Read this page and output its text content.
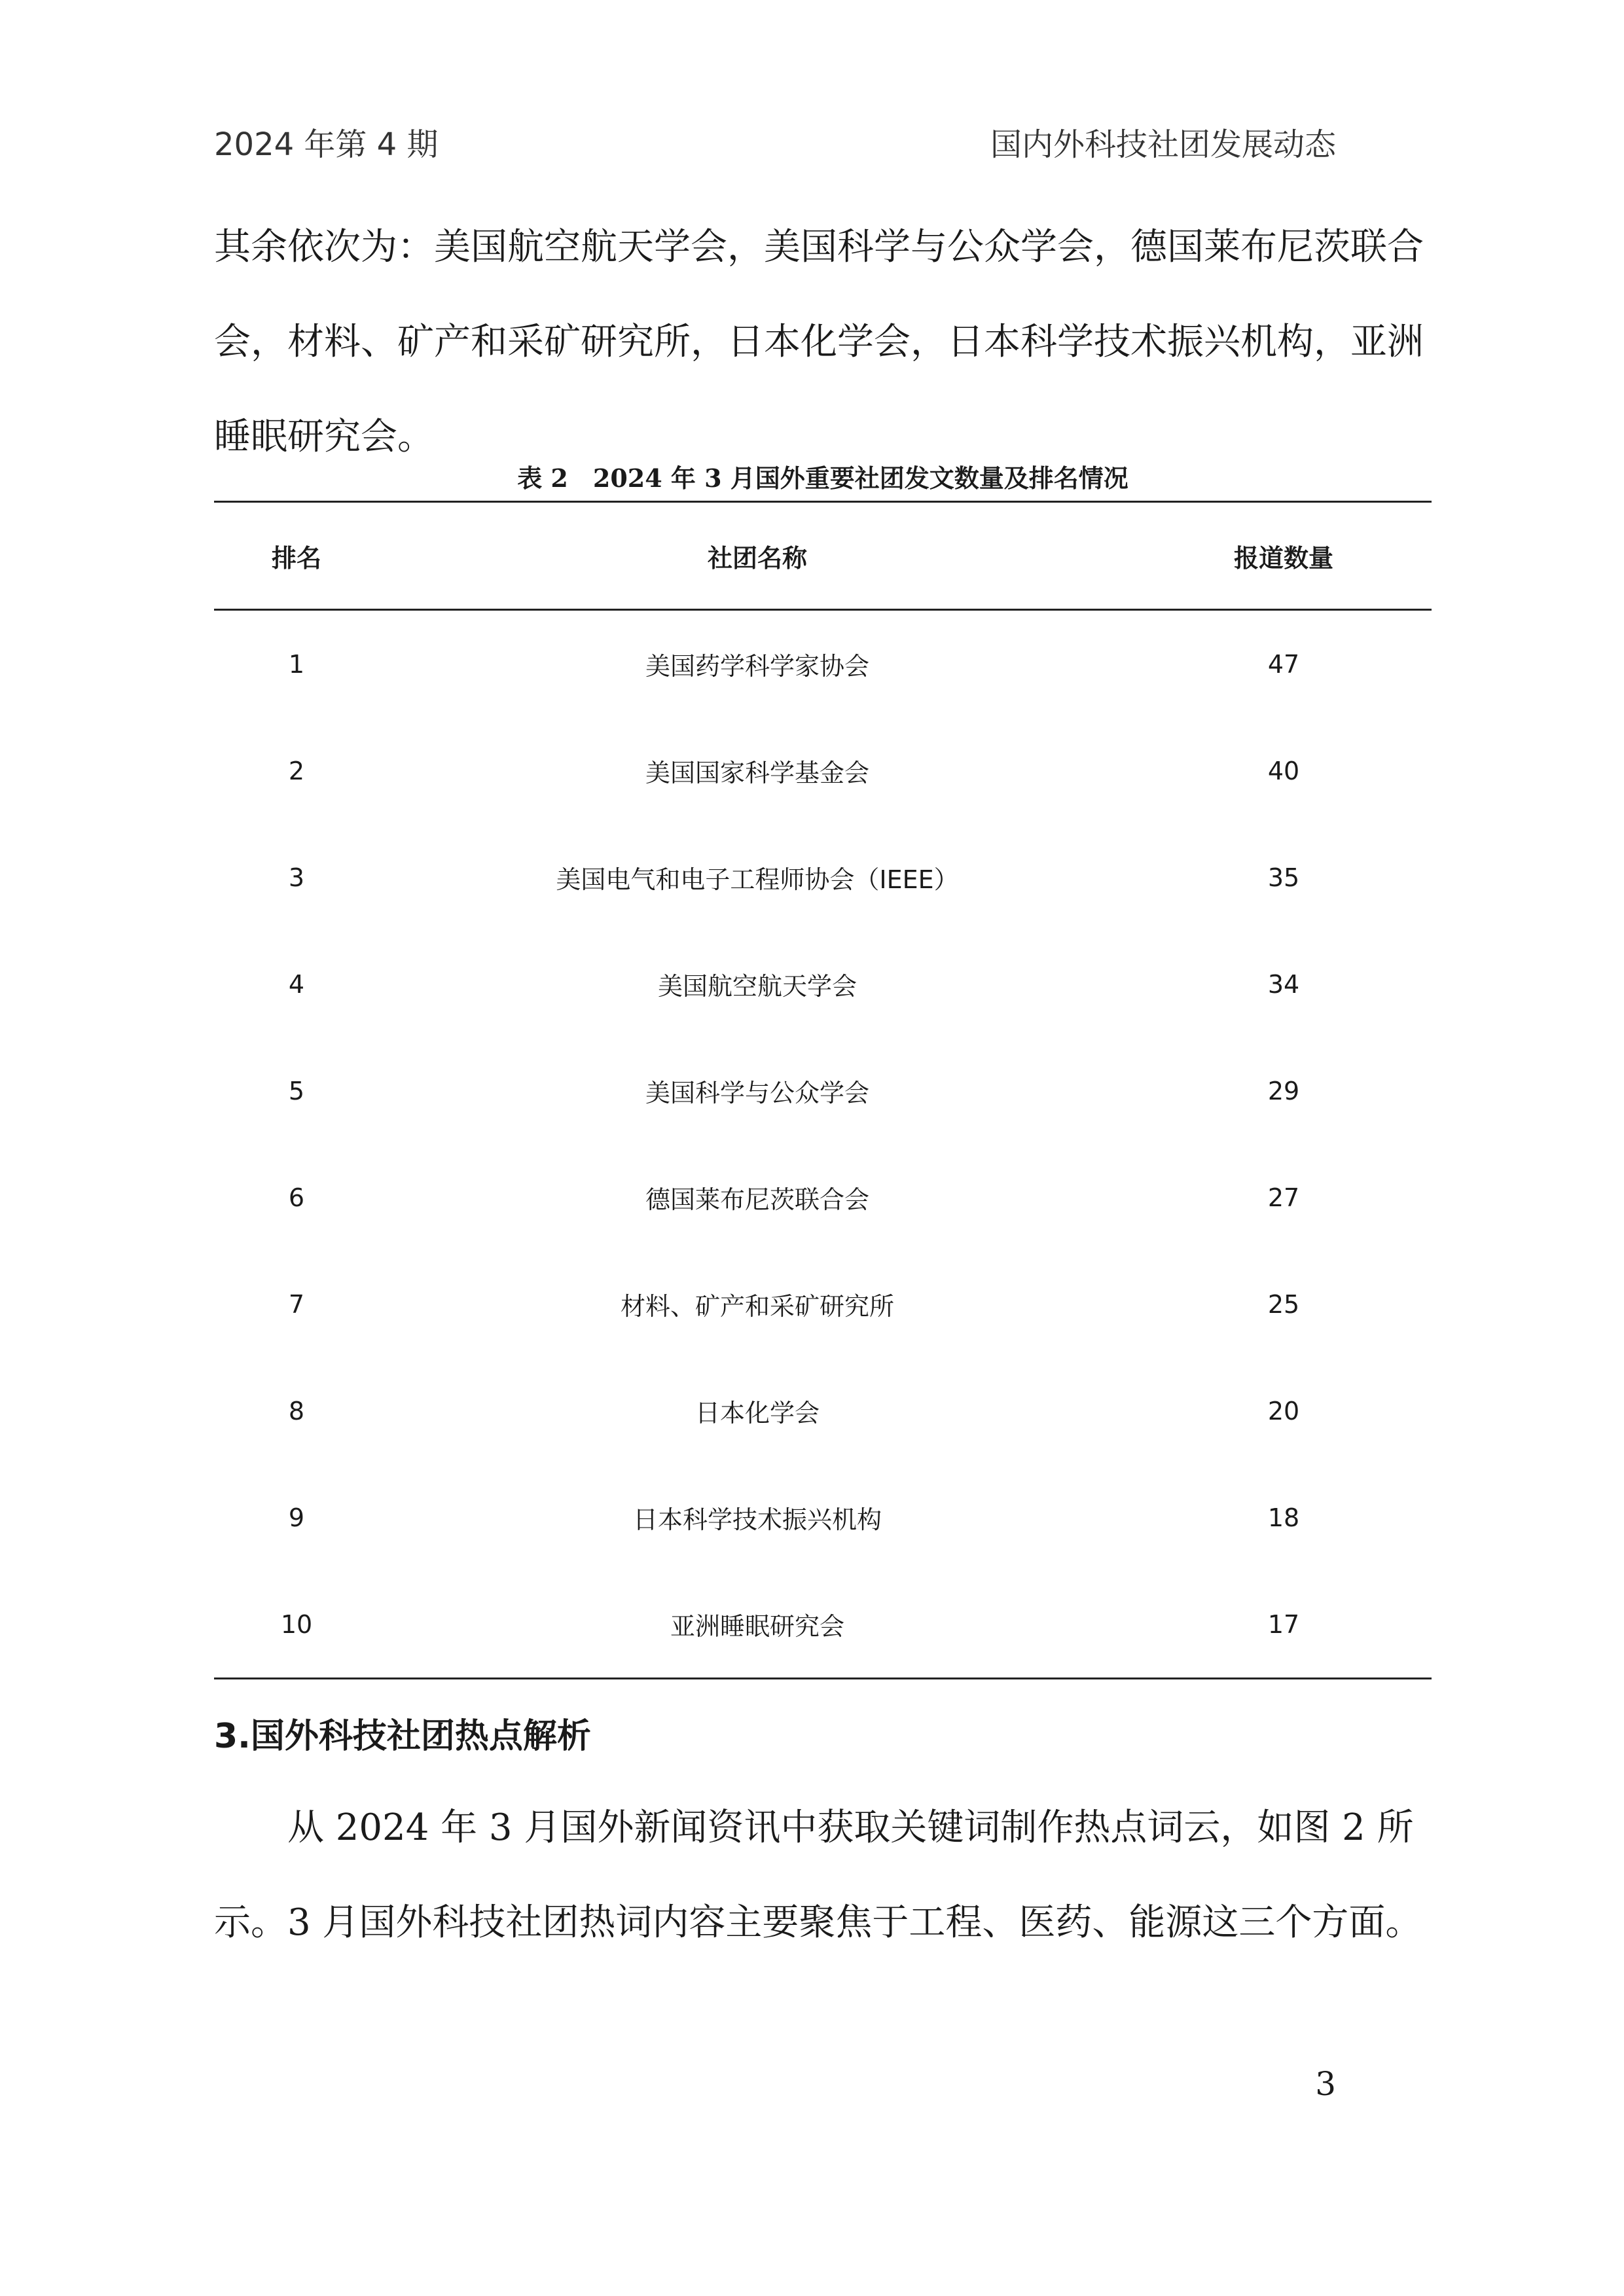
2024 年第 4 期	国内外科技社团发展动态

其余依次为：美国航空航天学会，美国科学与公众学会，德国莱布尼茨联合会，材料、矿产和采矿研究所，日本化学会，日本科学技术振兴机构，亚洲睡眠研究会。

表 2　2024 年 3 月国外重要社团发文数量及排名情况
排名	社团名称	报道数量
1	美国药学科学家协会	47
2	美国国家科学基金会	40
3	美国电气和电子工程师协会（IEEE）	35
4	美国航空航天学会	34
5	美国科学与公众学会	29
6	德国莱布尼茨联合会	27
7	材料、矿产和采矿研究所	25
8	日本化学会	20
9	日本科学技术振兴机构	18
10	亚洲睡眠研究会	17
3.国外科技社团热点解析

从 2024 年 3 月国外新闻资讯中获取关键词制作热点词云，如图 2 所示。3 月国外科技社团热词内容主要聚焦于工程、医药、能源这三个方面。

3
